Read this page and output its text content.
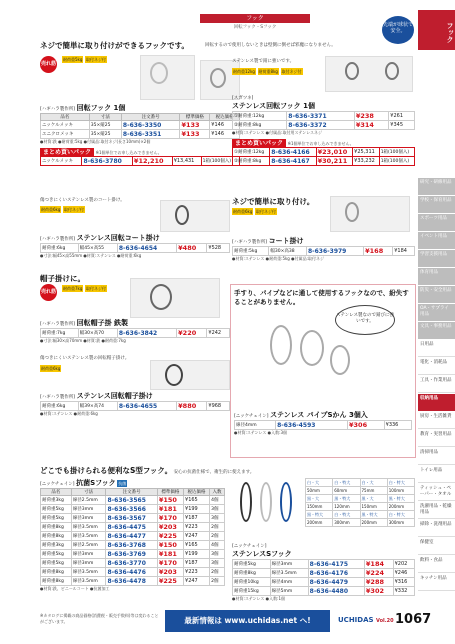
フック
回転フック・Sフック	先端が球状で安全。	フック
ネジで簡単に取り付けができるフックです。	回転するので使用しないときは壁側に倒せば邪魔になりません。
売れ筋
耐荷重5kg 取付ネジ付
[ハギハラ製作所] 回転フック 1個
品名	寸法	注文番号	標準価格	税込価格
ニッケルメッキ	35×縦25	8-636-3350	¥133	¥146
ユニクロメッキ	35×縦25	8-636-3351	¥133	¥146
●材質:鉄 ●耐荷重:5kg ●付属品:取付ネジ(長さ10mm)×2個
まとめ買いパック ※1個単位でお申し込みできません。
ニッケルメッキ	8-636-3780	¥12,210	¥13,431	1箱(100個入)
ステンレス製で錆に強いです。
耐荷重12kg 耐荷重8kg 取付ネジ付
[スガツネ]
ステンレス回転フック 1個
①耐荷重:12kg	8-636-3371	¥238	¥261
②耐荷重:8kg	8-636-3372	¥314	¥345
●材質:ステンレス ●付属品:取付用ステンレスネジ
まとめ買いパック ※1個単位でお申し込みできません。
①耐荷重:12kg	8-636-4166	¥23,010	¥25,311	1箱(100個入)
②耐荷重:8kg	8-636-4167	¥30,211	¥33,232	1箱(100個入)
傷つきにくいステンレス製のコート掛け。
耐荷重6kg 取付ネジ付
[ハギハラ製作所] ステンレス回転コート掛け
耐荷重:6kg	幅45×高55	8-636-4654	¥480	¥528
●寸法:幅45×高55mm ●材質:ステンレス ●耐荷重:6kg
ネジで簡単に取り付け。
耐荷重6kg 取付ネジ付
[ハギハラ製作所] コート掛け
耐荷重:5kg	幅30×高38	8-636-3979	¥168	¥184
●材質:ステンレス ●耐荷重:5kg ●付属品:取付ネジ
帽子掛けに。
売れ筋
耐荷重7kg 取付ネジ付
[ハギハラ製作所] 回転帽子掛 鉄製
耐荷重:7kg	幅30×高70	8-636-3842	¥220	¥242
●寸法:幅30×高70mm ●材質:鉄 ●耐荷重:7kg
傷つきにくいステンレス製の回転帽子掛け。
耐荷重6kg
[ハギハラ製作所] ステンレス回転帽子掛け
耐荷重:6kg	幅39×高74	8-636-4655	¥880	¥968
●材質:ステンレス ●耐荷重:6kg
手すり、パイプなどに通して使用するフックなので、紛失することがありません。
ステンレス製なので錆びに強いです。
[ニッケチェイン] ステンレス パイプSかん 3個入
線径4mm	8-636-4593	¥306	¥336
●材質:ステンレス ●入数:3個
どこでも掛けられる便利なS型フック。 安心の抗菌仕様で、衛生的に使えます。
[ニッケチェイン] 抗菌Sフック 抗菌
品名	寸法	注文番号	標準価格	税込価格	入数
耐荷重3kg	線径2.5mm	8-636-3565	¥150	¥165	4個
耐荷重5kg	線径3mm	8-636-3566	¥181	¥199	3個
耐荷重5kg	線径3mm	8-636-3567	¥170	¥187	3個
耐荷重8kg	線径3.5mm	8-636-4475	¥203	¥223	2個
耐荷重8kg	線径3.5mm	8-636-4477	¥225	¥247	2個
耐荷重3kg	線径2.5mm	8-636-3768	¥150	¥165	4個
耐荷重5kg	線径3mm	8-636-3769	¥181	¥199	3個
耐荷重5kg	線径3mm	8-636-3770	¥170	¥187	3個
耐荷重8kg	線径3.5mm	8-636-4476	¥203	¥223	2個
耐荷重8kg	線径3.5mm	8-636-4478	¥225	¥247	2個
●材質:鉄、ビニールコート ●抗菌加工
白・大	白・特大	白・大	白・特大
50mm	60mm	75mm	100mm
黒・大	黒・特大	黒・大	黒・特大
150mm	120mm	150mm	200mm
黒・特大	白・特大	黒・特大	白・特大
200mm	300mm	200mm	300mm
[ニッケチェイン]
ステンレスSフック
耐荷重5kg	線径3mm	8-636-4175	¥184	¥202
耐荷重8kg	線径3.5mm	8-636-4176	¥224	¥246
耐荷重10kg	線径4mm	8-636-4479	¥288	¥316
耐荷重15kg	線径5mm	8-636-4480	¥302	¥332
●材質:ステンレス ●入数:1個
研究・研修用品
学校・保育用品
スポーツ用品
イベント用品
学習支援用品
体育用品
防災・安全用品
OA・サプライ用品
文具・事務用品
日用品
電化・消耗品
工具・作業用品
収納用品
厨房・生活雑貨
教育・実習用品
清掃用品
トイレ用品
ティッシュ・ペーパー・タオル
洗濯用品・乾燥用品
掃除・洗剤用品
保健室
飲料・食品
キッチン用品
※カタログに掲載の商品価格(消費税・販売手数料)等は変わることがございます。	最新情報は www.uchidas.net へ!	UCHIDAS Vol.20 1067
